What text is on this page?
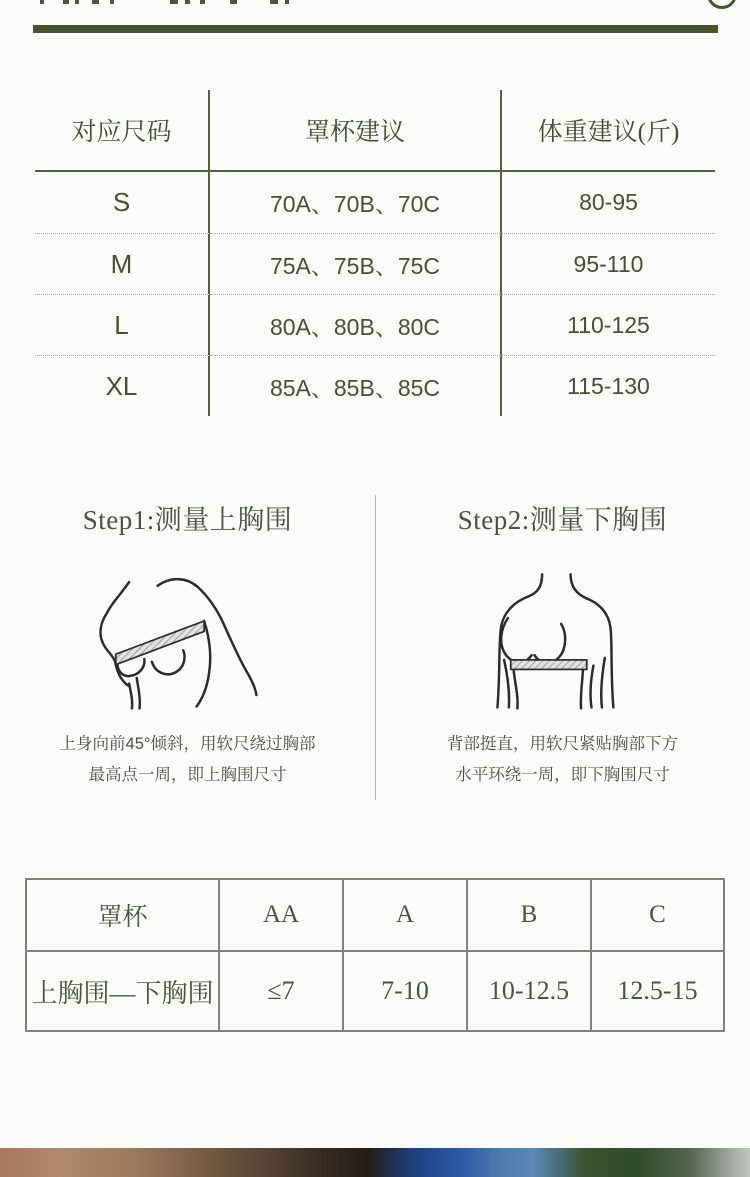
对应尺码	罩杯建议	体重建议(斤)
S	70A、70B、70C	80-95
M	75A、75B、75C	95-110
L	80A、80B、80C	110-125
XL	85A、85B、85C	115-130
Step1:测量上胸围
上身向前45°倾斜，用软尺绕过胸部
最高点一周，即上胸围尺寸
Step2:测量下胸围
背部挺直，用软尺紧贴胸部下方
水平环绕一周，即下胸围尺寸
罩杯	AA	A	B	C
上胸围—下胸围	≤7	7-10	10-12.5	12.5-15
